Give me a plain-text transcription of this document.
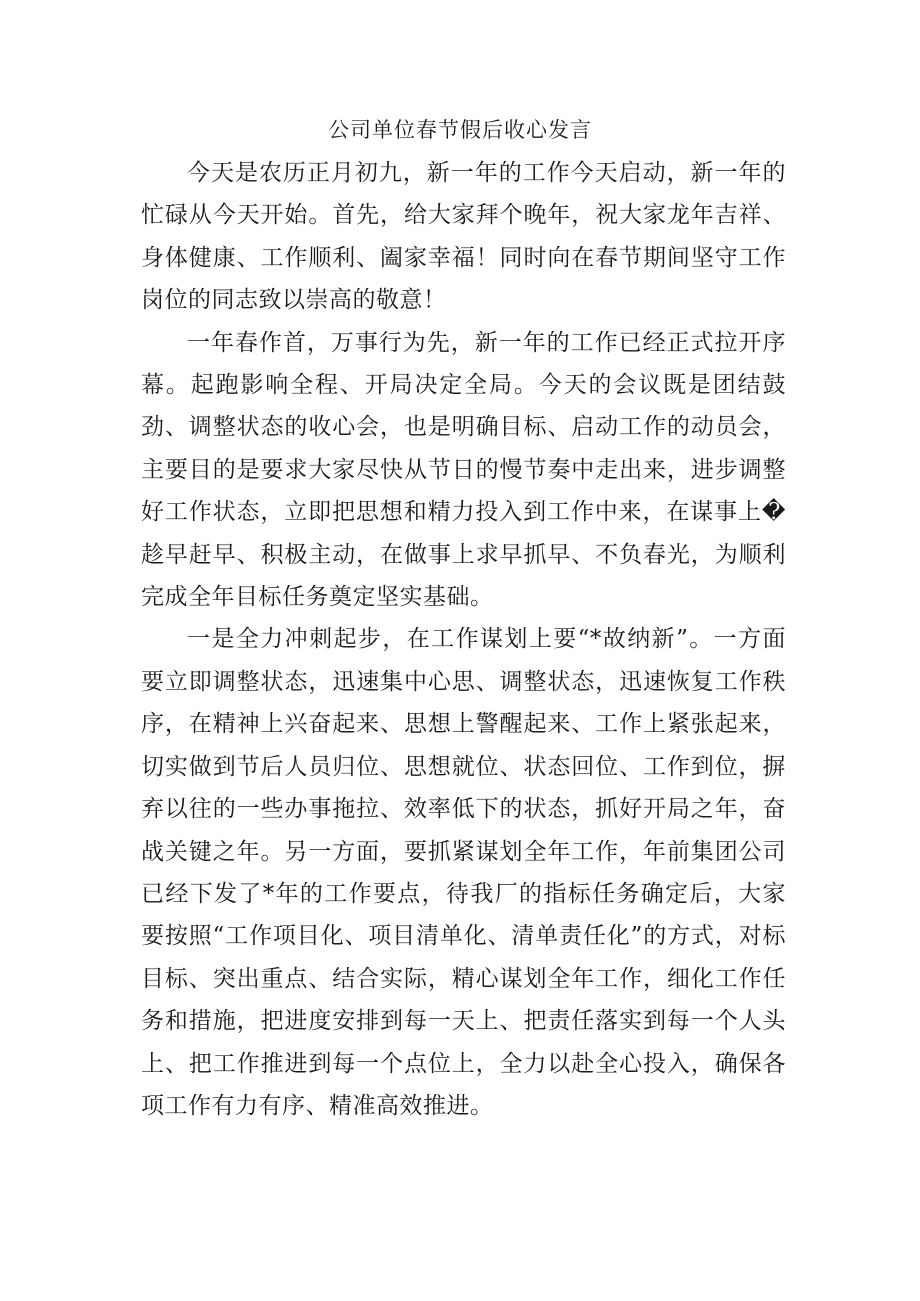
公司单位春节假后收心发言

今天是农历正月初九，新一年的工作今天启动，新一年的忙碌从今天开始。首先，给大家拜个晚年，祝大家龙年吉祥、身体健康、工作顺利、阖家幸福！同时向在春节期间坚守工作岗位的同志致以崇高的敬意！

一年春作首，万事行为先，新一年的工作已经正式拉开序幕。起跑影响全程、开局决定全局。今天的会议既是团结鼓劲、调整状态的收心会，也是明确目标、启动工作的动员会，主要目的是要求大家尽快从节日的慢节奏中走出来，进步调整好工作状态，立即把思想和精力投入到工作中来，在谋事上�趁早赶早、积极主动，在做事上求早抓早、不负春光，为顺利完成全年目标任务奠定坚实基础。

一是全力冲刺起步，在工作谋划上要“*故纳新”。一方面要立即调整状态，迅速集中心思、调整状态，迅速恢复工作秩序，在精神上兴奋起来、思想上警醒起来、工作上紧张起来，切实做到节后人员归位、思想就位、状态回位、工作到位，摒弃以往的一些办事拖拉、效率低下的状态，抓好开局之年，奋战关键之年。另一方面，要抓紧谋划全年工作，年前集团公司已经下发了*年的工作要点，待我厂的指标任务确定后，大家要按照“工作项目化、项目清单化、清单责任化”的方式，对标目标、突出重点、结合实际，精心谋划全年工作，细化工作任务和措施，把进度安排到每一天上、把责任落实到每一个人头上、把工作推进到每一个点位上，全力以赴全心投入，确保各项工作有力有序、精准高效推进。
